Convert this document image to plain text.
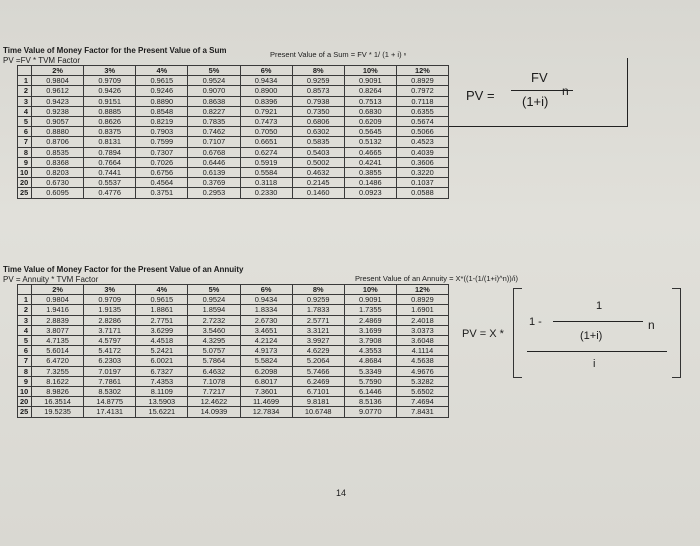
Time Value of Money Factor for the Present Value of a Sum
PV =FV * TVM Factor
Present Value of a Sum = FV * 1/ (1 + i) ⁿ
	2%	3%	4%	5%	6%	8%	10%	12%
1	0.9804	0.9709	0.9615	0.9524	0.9434	0.9259	0.9091	0.8929
2	0.9612	0.9426	0.9246	0.9070	0.8900	0.8573	0.8264	0.7972
3	0.9423	0.9151	0.8890	0.8638	0.8396	0.7938	0.7513	0.7118
4	0.9238	0.8885	0.8548	0.8227	0.7921	0.7350	0.6830	0.6355
5	0.9057	0.8626	0.8219	0.7835	0.7473	0.6806	0.6209	0.5674
6	0.8880	0.8375	0.7903	0.7462	0.7050	0.6302	0.5645	0.5066
7	0.8706	0.8131	0.7599	0.7107	0.6651	0.5835	0.5132	0.4523
8	0.8535	0.7894	0.7307	0.6768	0.6274	0.5403	0.4665	0.4039
9	0.8368	0.7664	0.7026	0.6446	0.5919	0.5002	0.4241	0.3606
10	0.8203	0.7441	0.6756	0.6139	0.5584	0.4632	0.3855	0.3220
20	0.6730	0.5537	0.4564	0.3769	0.3118	0.2145	0.1486	0.1037
25	0.6095	0.4776	0.3751	0.2953	0.2330	0.1460	0.0923	0.0588
PV =
FV
(1+i)
n
Time Value of Money Factor for the Present Value of an Annuity
PV = Annuity * TVM Factor	Present Value of an Annuity = X*((1-(1/(1+i)^n))/i)
	2%	3%	4%	5%	6%	8%	10%	12%
1	0.9804	0.9709	0.9615	0.9524	0.9434	0.9259	0.9091	0.8929
2	1.9416	1.9135	1.8861	1.8594	1.8334	1.7833	1.7355	1.6901
3	2.8839	2.8286	2.7751	2.7232	2.6730	2.5771	2.4869	2.4018
4	3.8077	3.7171	3.6299	3.5460	3.4651	3.3121	3.1699	3.0373
5	4.7135	4.5797	4.4518	4.3295	4.2124	3.9927	3.7908	3.6048
6	5.6014	5.4172	5.2421	5.0757	4.9173	4.6229	4.3553	4.1114
7	6.4720	6.2303	6.0021	5.7864	5.5824	5.2064	4.8684	4.5638
8	7.3255	7.0197	6.7327	6.4632	6.2098	5.7466	5.3349	4.9676
9	8.1622	7.7861	7.4353	7.1078	6.8017	6.2469	5.7590	5.3282
10	8.9826	8.5302	8.1109	7.7217	7.3601	6.7101	6.1446	5.6502
20	16.3514	14.8775	13.5903	12.4622	11.4699	9.8181	8.5136	7.4694
25	19.5235	17.4131	15.6221	14.0939	12.7834	10.6748	9.0770	7.8431
PV = X *
1 -
1
(1+i)
n
i
14
